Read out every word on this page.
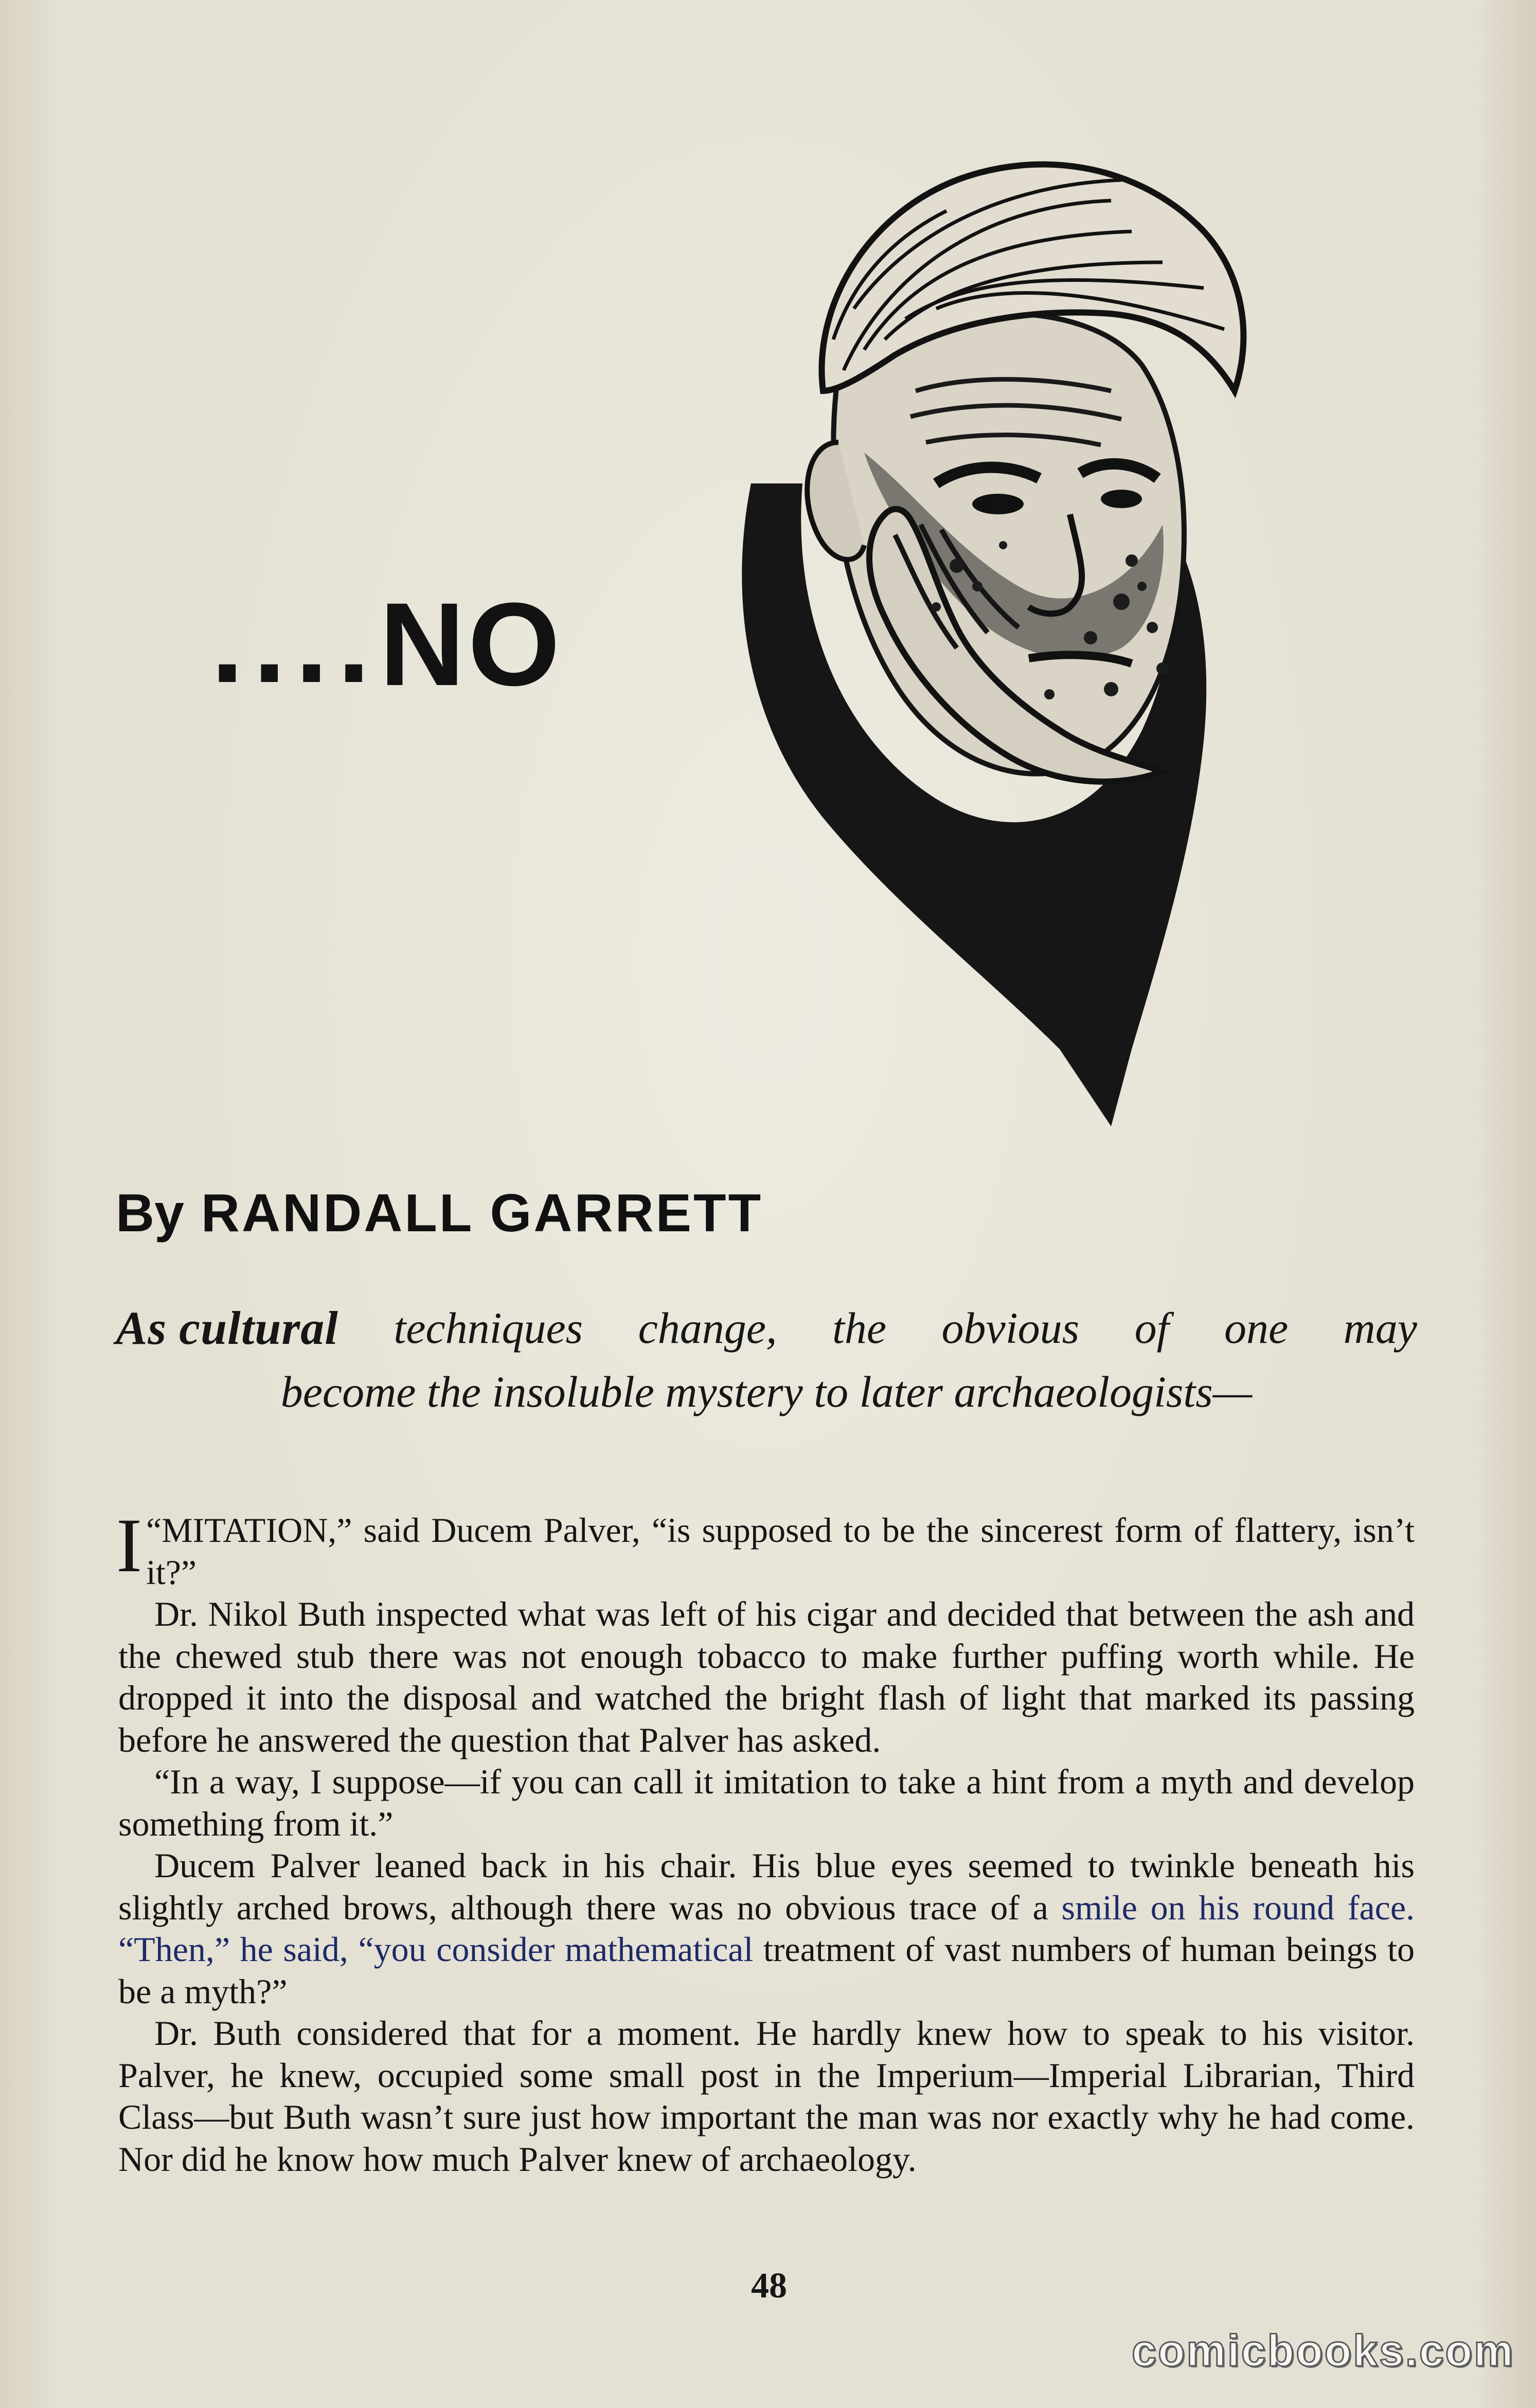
....NO
By RANDALL GARRETT
As cultural techniques change, the obvious of one may
become the insoluble mystery to later archaeologists—

“
I MITATION,” said Ducem Palver, “is supposed to be the sincerest form of flattery, isn’t it?”

Dr. Nikol Buth inspected what was left of his cigar and decided that between the ash and the chewed stub there was not enough tobacco to make further puffing worth while. He dropped it into the disposal and watched the bright flash of light that marked its passing before he answered the question that Palver has asked.

“In a way, I suppose—if you can call it imitation to take a hint from a myth and develop something from it.”

Ducem Palver leaned back in his chair. His blue eyes seemed to twinkle beneath his slightly arched brows, although there was no obvious trace of a smile on his round face. “Then,” he said, “you consider mathematical treatment of vast numbers of human beings to be a myth?”

Dr. Buth considered that for a moment. He hardly knew how to speak to his visitor. Palver, he knew, occupied some small post in the Imperium—Imperial Librarian, Third Class—but Buth wasn’t sure just how important the man was nor exactly why he had come. Nor did he know how much Palver knew of archaeology.

48
comicbooks.com
